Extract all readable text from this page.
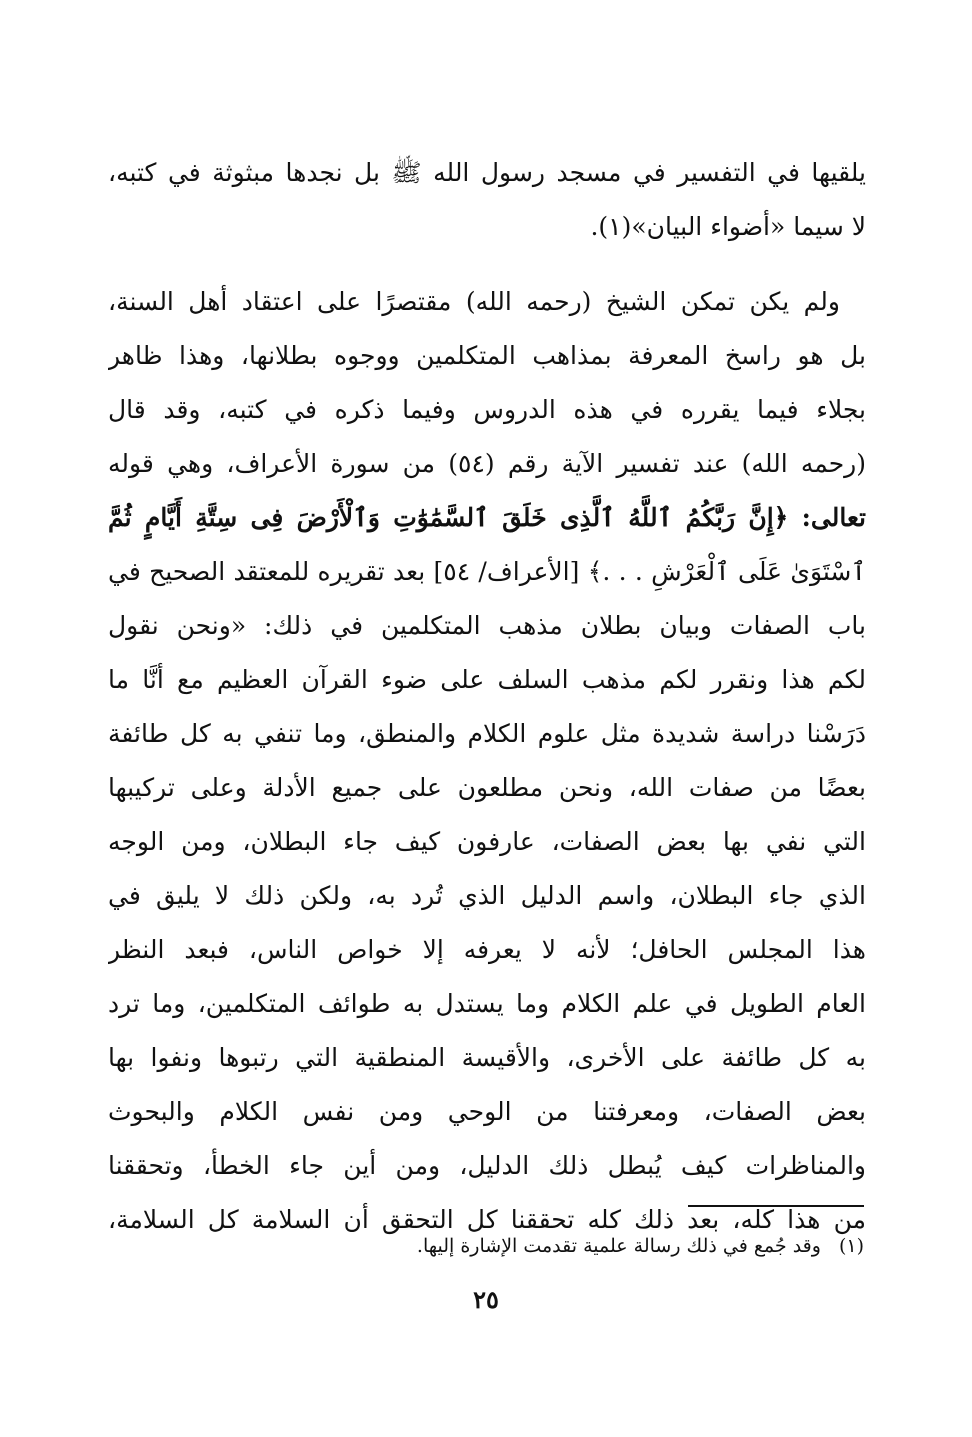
يلقيها في التفسير في مسجد رسول الله ﷺ بل نجدها مبثوثة في كتبه،
لا سيما «أضواء البيان»(١).
ولم يكن تمكن الشيخ (رحمه الله) مقتصرًا على اعتقاد أهل السنة،
بل هو راسخ المعرفة بمذاهب المتكلمين ووجوه بطلانها، وهذا ظاهر
بجلاء فيما يقرره في هذه الدروس وفيما ذكره في كتبه، وقد قال
(رحمه الله) عند تفسير الآية رقم (٥٤) من سورة الأعراف، وهي قوله
تعالى: ﴿إِنَّ رَبَّكُمُ ٱللَّهُ ٱلَّذِى خَلَقَ ٱلسَّمَٰوَٰتِ وَٱلْأَرْضَ فِى سِتَّةِ أَيَّامٍ ثُمَّ
ٱسْتَوَىٰ عَلَى ٱلْعَرْشِ . . .﴾ [الأعراف/ ٥٤] بعد تقريره للمعتقد الصحيح في
باب الصفات وبيان بطلان مذهب المتكلمين في ذلك: «ونحن نقول
لكم هذا ونقرر لكم مذهب السلف على ضوء القرآن العظيم مع أنَّا ما
دَرَسْنا دراسة شديدة مثل علوم الكلام والمنطق، وما تنفي به كل طائفة
بعضًا من صفات الله، ونحن مطلعون على جميع الأدلة وعلى تركيبها
التي نفي بها بعض الصفات، عارفون كيف جاء البطلان، ومن الوجه
الذي جاء البطلان، واسم الدليل الذي تُرد به، ولكن ذلك لا يليق في
هذا المجلس الحافل؛ لأنه لا يعرفه إلا خواص الناس، فبعد النظر
العام الطويل في علم الكلام وما يستدل به طوائف المتكلمين، وما ترد
به كل طائفة على الأخرى، والأقيسة المنطقية التي رتبوها ونفوا بها
بعض الصفات، ومعرفتنا من الوحي ومن نفس الكلام والبحوث
والمناظرات كيف يُبطل ذلك الدليل، ومن أين جاء الخطأ، وتحققنا
من هذا كله، بعد ذلك كله تحققنا كل التحقق أن السلامة كل السلامة،
(١)وقد جُمع في ذلك رسالة علمية تقدمت الإشارة إليها.
٢٥
